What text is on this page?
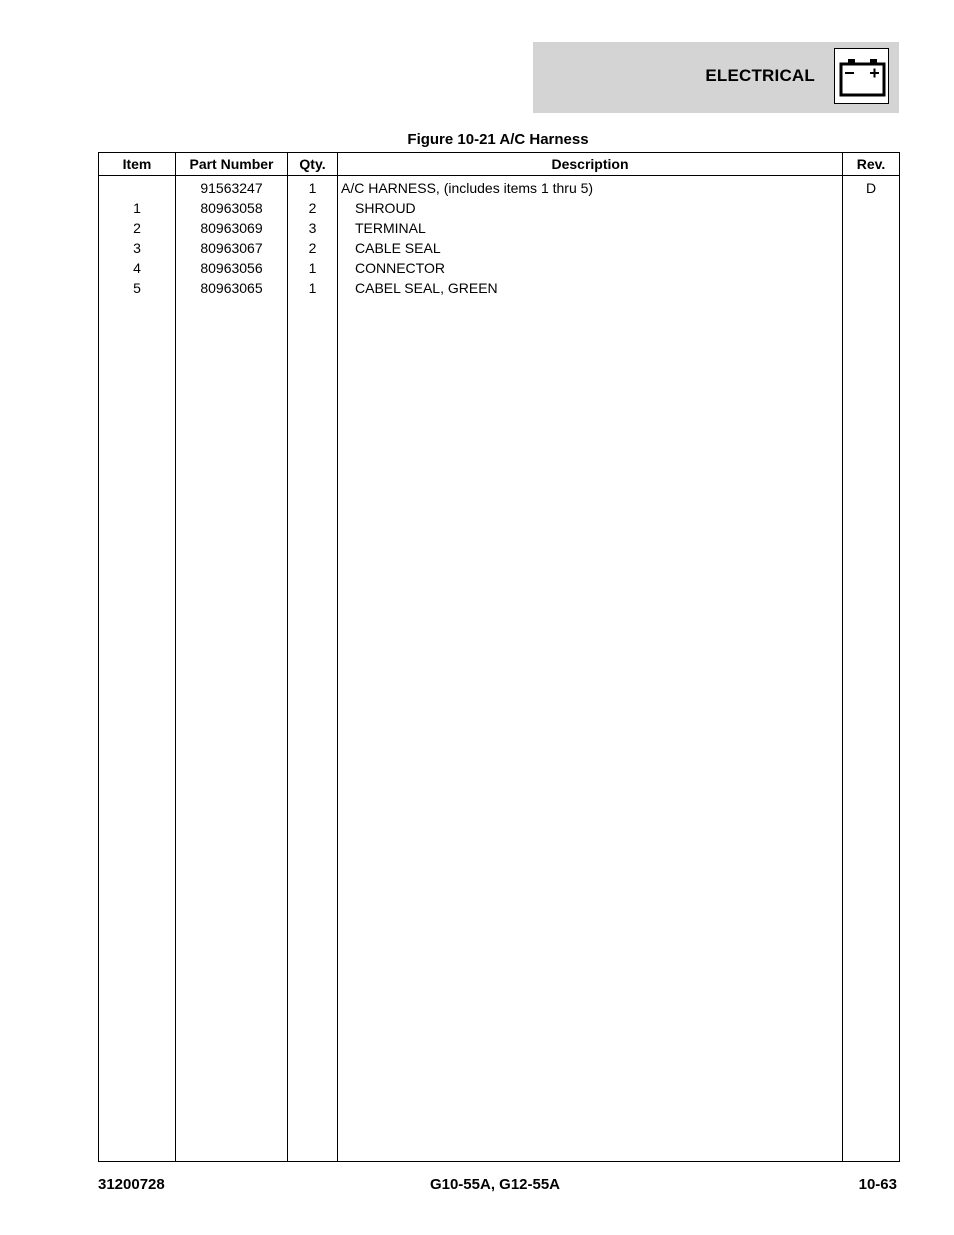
ELECTRICAL
Figure 10-21 A/C Harness
Item	Part Number	Qty.	Description	Rev.
	91563247	1	A/C HARNESS, (includes items 1 thru 5)	D
1	80963058	2	SHROUD	
2	80963069	3	TERMINAL	
3	80963067	2	CABLE SEAL	
4	80963056	1	CONNECTOR	
5	80963065	1	CABEL SEAL, GREEN	

31200728	G10-55A, G12-55A	10-63
